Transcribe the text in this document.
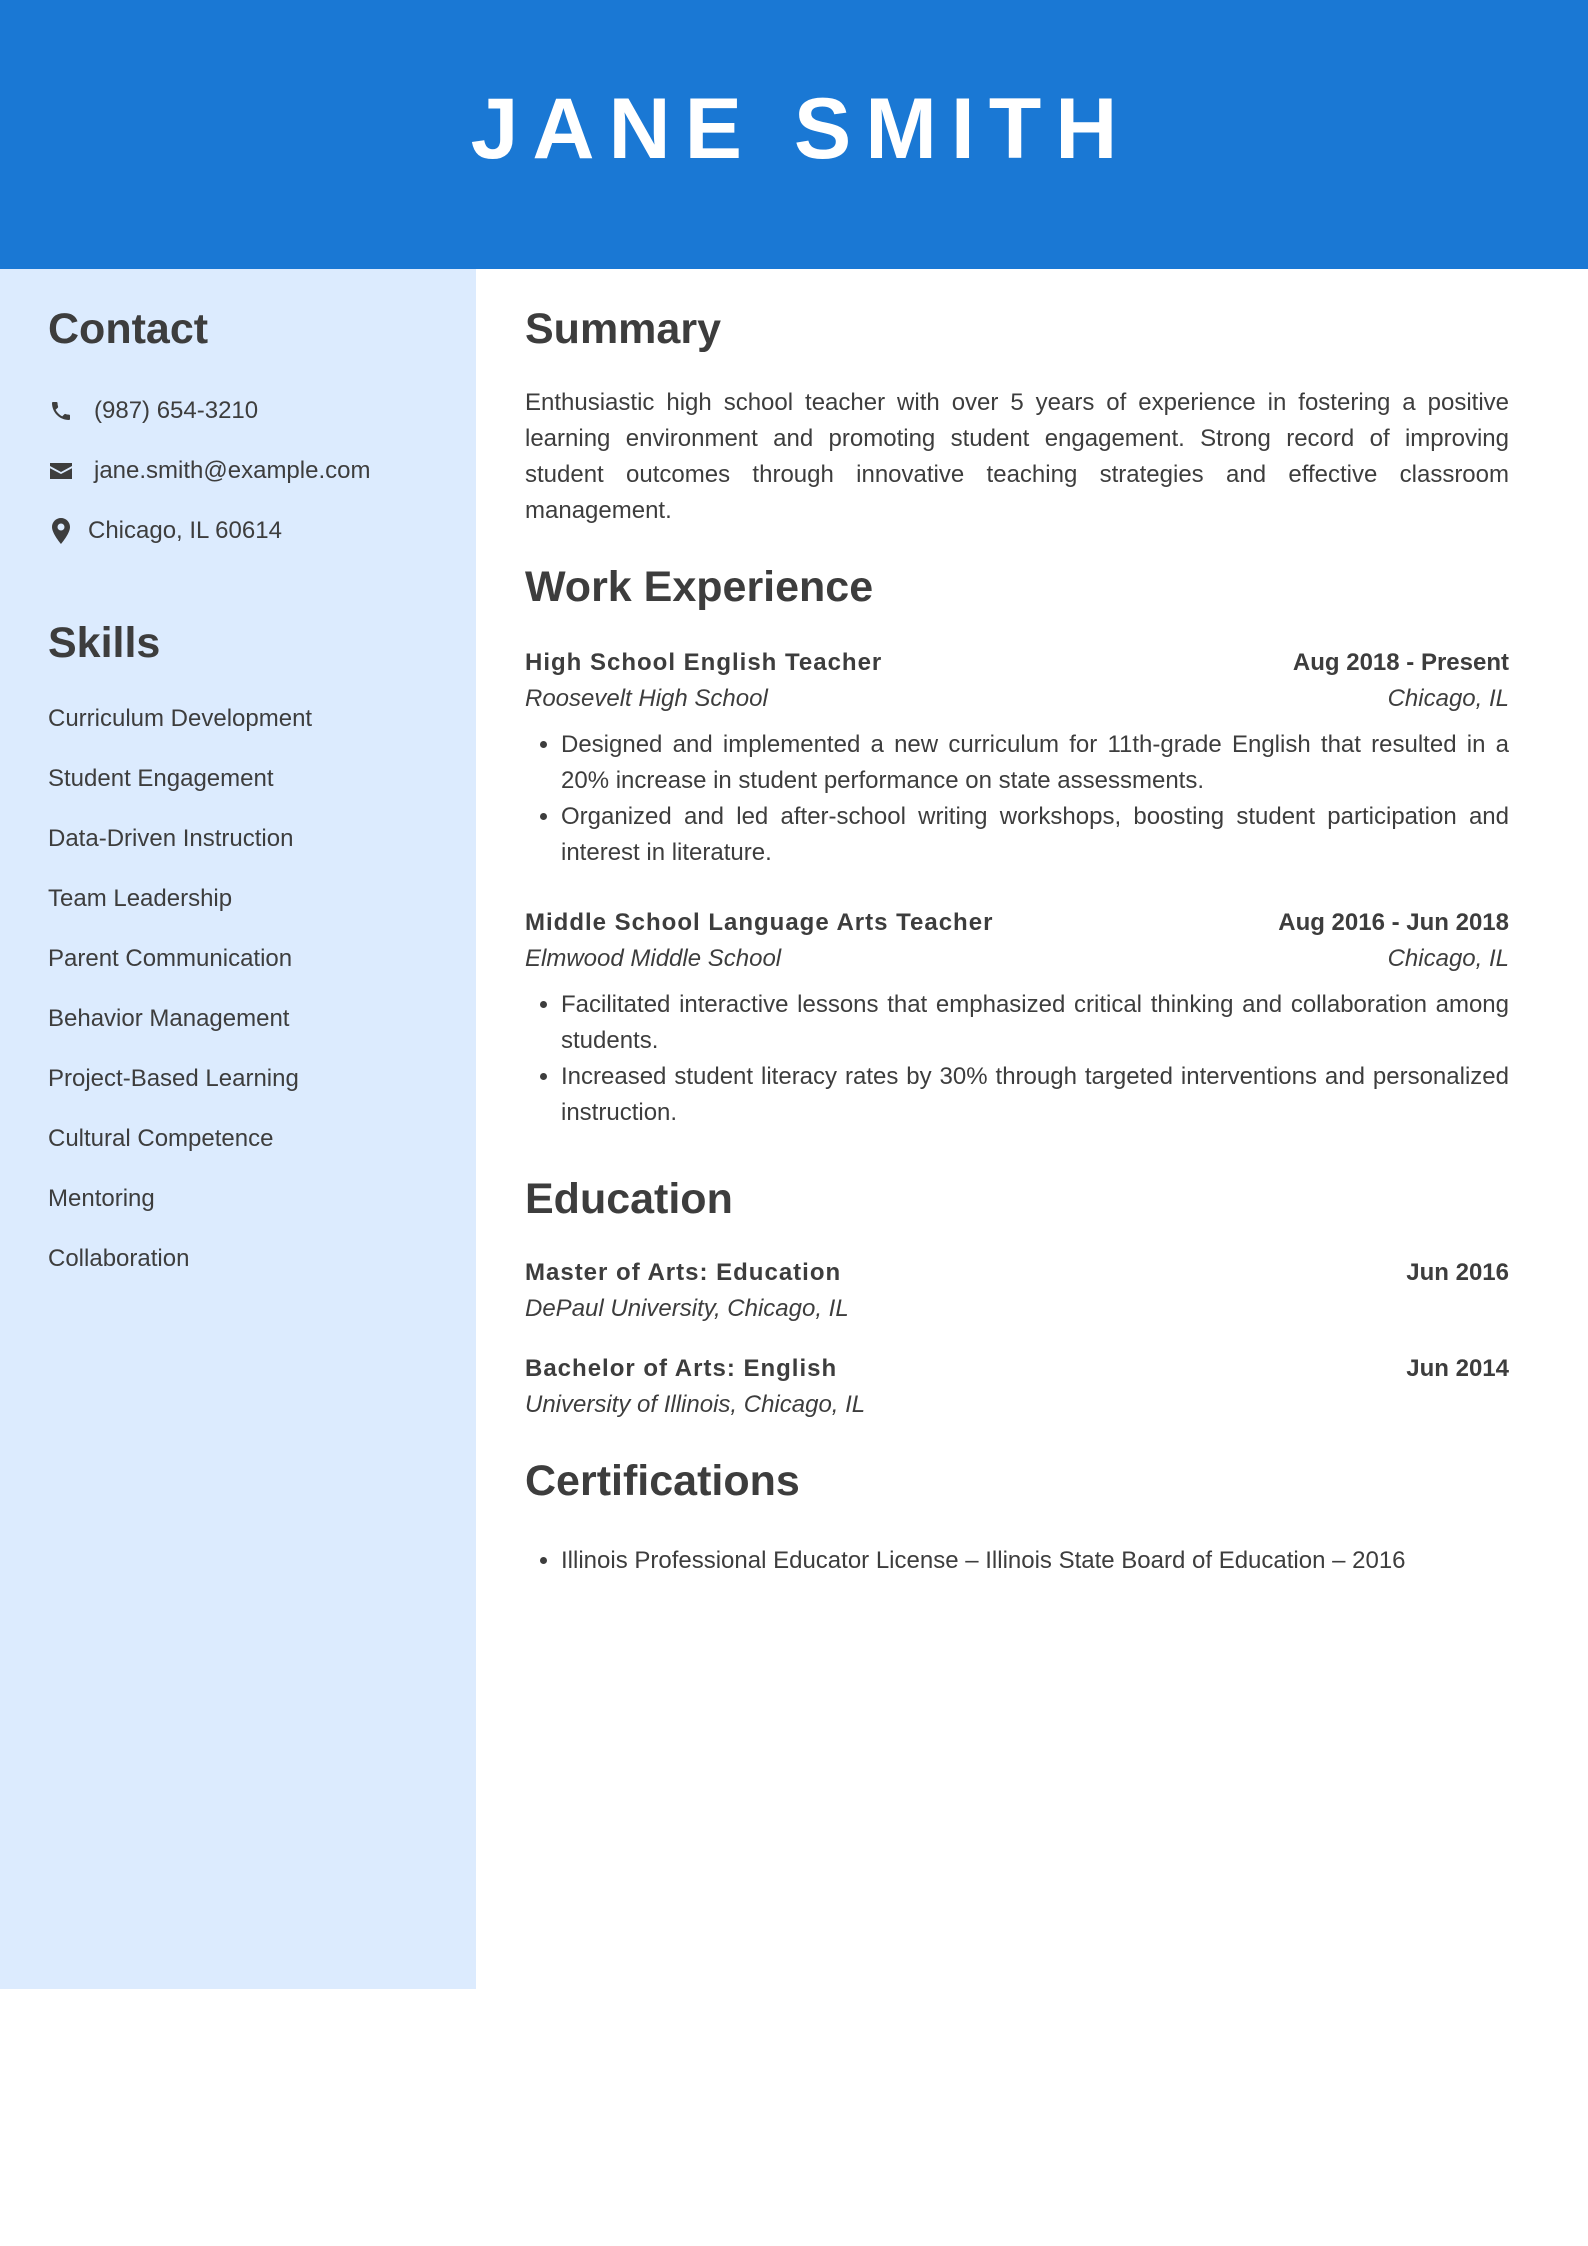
JANE SMITH
Contact
(987) 654-3210
jane.smith@example.com
Chicago, IL 60614
Skills
Curriculum Development
Student Engagement
Data-Driven Instruction
Team Leadership
Parent Communication
Behavior Management
Project-Based Learning
Cultural Competence
Mentoring
Collaboration
Summary

Enthusiastic high school teacher with over 5 years of experience in fostering a positive learning environment and promoting student engagement. Strong record of improving student outcomes through innovative teaching strategies and effective classroom management.

Work Experience
High School English Teacher	Aug 2018 - Present
Roosevelt High School	Chicago, IL
• Designed and implemented a new curriculum for 11th-grade English that resulted in a 20% increase in student performance on state assessments.
• Organized and led after-school writing workshops, boosting student participation and interest in literature.
Middle School Language Arts Teacher	Aug 2016 - Jun 2018
Elmwood Middle School	Chicago, IL
• Facilitated interactive lessons that emphasized critical thinking and collaboration among students.
• Increased student literacy rates by 30% through targeted interventions and personalized instruction.
Education
Master of Arts: Education	Jun 2016
DePaul University, Chicago, IL
Bachelor of Arts: English	Jun 2014
University of Illinois, Chicago, IL
Certifications
• Illinois Professional Educator License – Illinois State Board of Education – 2016
